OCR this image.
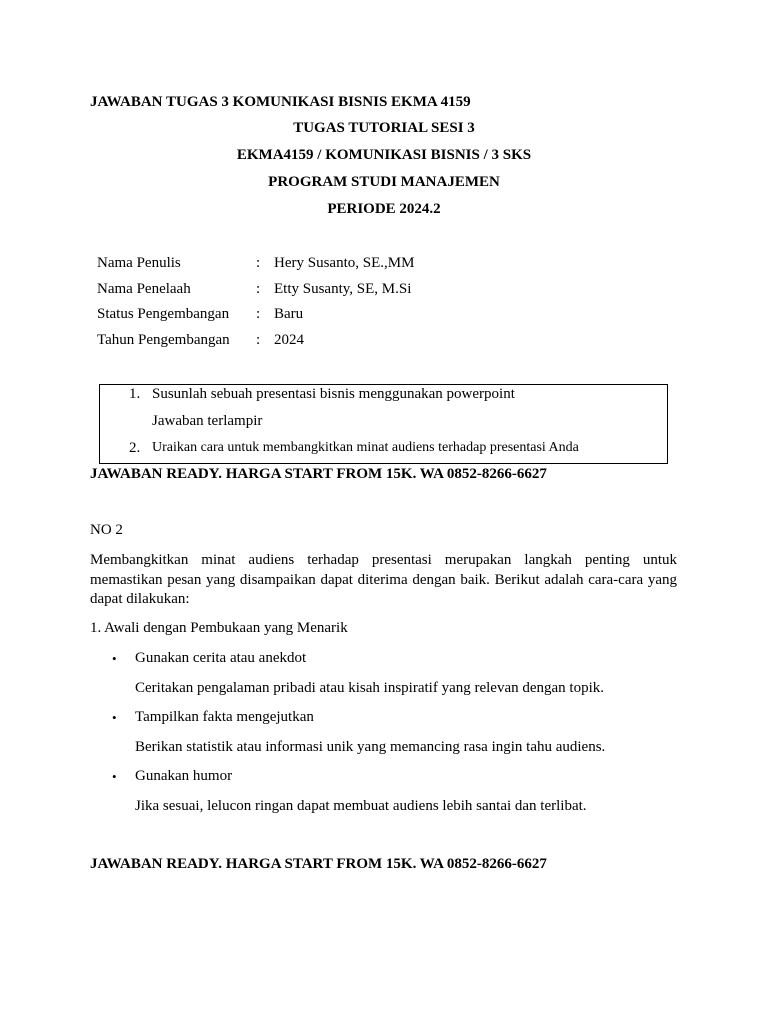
JAWABAN TUGAS 3 KOMUNIKASI BISNIS EKMA 4159

TUGAS TUTORIAL SESI 3

EKMA4159 / KOMUNIKASI BISNIS / 3 SKS

PROGRAM STUDI MANAJEMEN

PERIODE 2024.2

Nama Penulis	: Hery Susanto, SE.,MM
Nama Penelaah	: Etty Susanty, SE, M.Si
Status Pengembangan : Baru
Tahun Pengembangan : 2024
1. Susunlah sebuah presentasi bisnis menggunakan powerpoint
Jawaban terlampir
2. Uraikan cara untuk membangkitkan minat audiens terhadap presentasi Anda

JAWABAN READY. HARGA START FROM 15K. WA 0852-8266-6627

NO 2

Membangkitkan minat audiens terhadap presentasi merupakan langkah penting untuk memastikan pesan yang disampaikan dapat diterima dengan baik. Berikut adalah cara-cara yang dapat dilakukan:

1. Awali dengan Pembukaan yang Menarik

• Gunakan cerita atau anekdot

Ceritakan pengalaman pribadi atau kisah inspiratif yang relevan dengan topik.

• Tampilkan fakta mengejutkan

Berikan statistik atau informasi unik yang memancing rasa ingin tahu audiens.

• Gunakan humor

Jika sesuai, lelucon ringan dapat membuat audiens lebih santai dan terlibat.

JAWABAN READY. HARGA START FROM 15K. WA 0852-8266-6627
